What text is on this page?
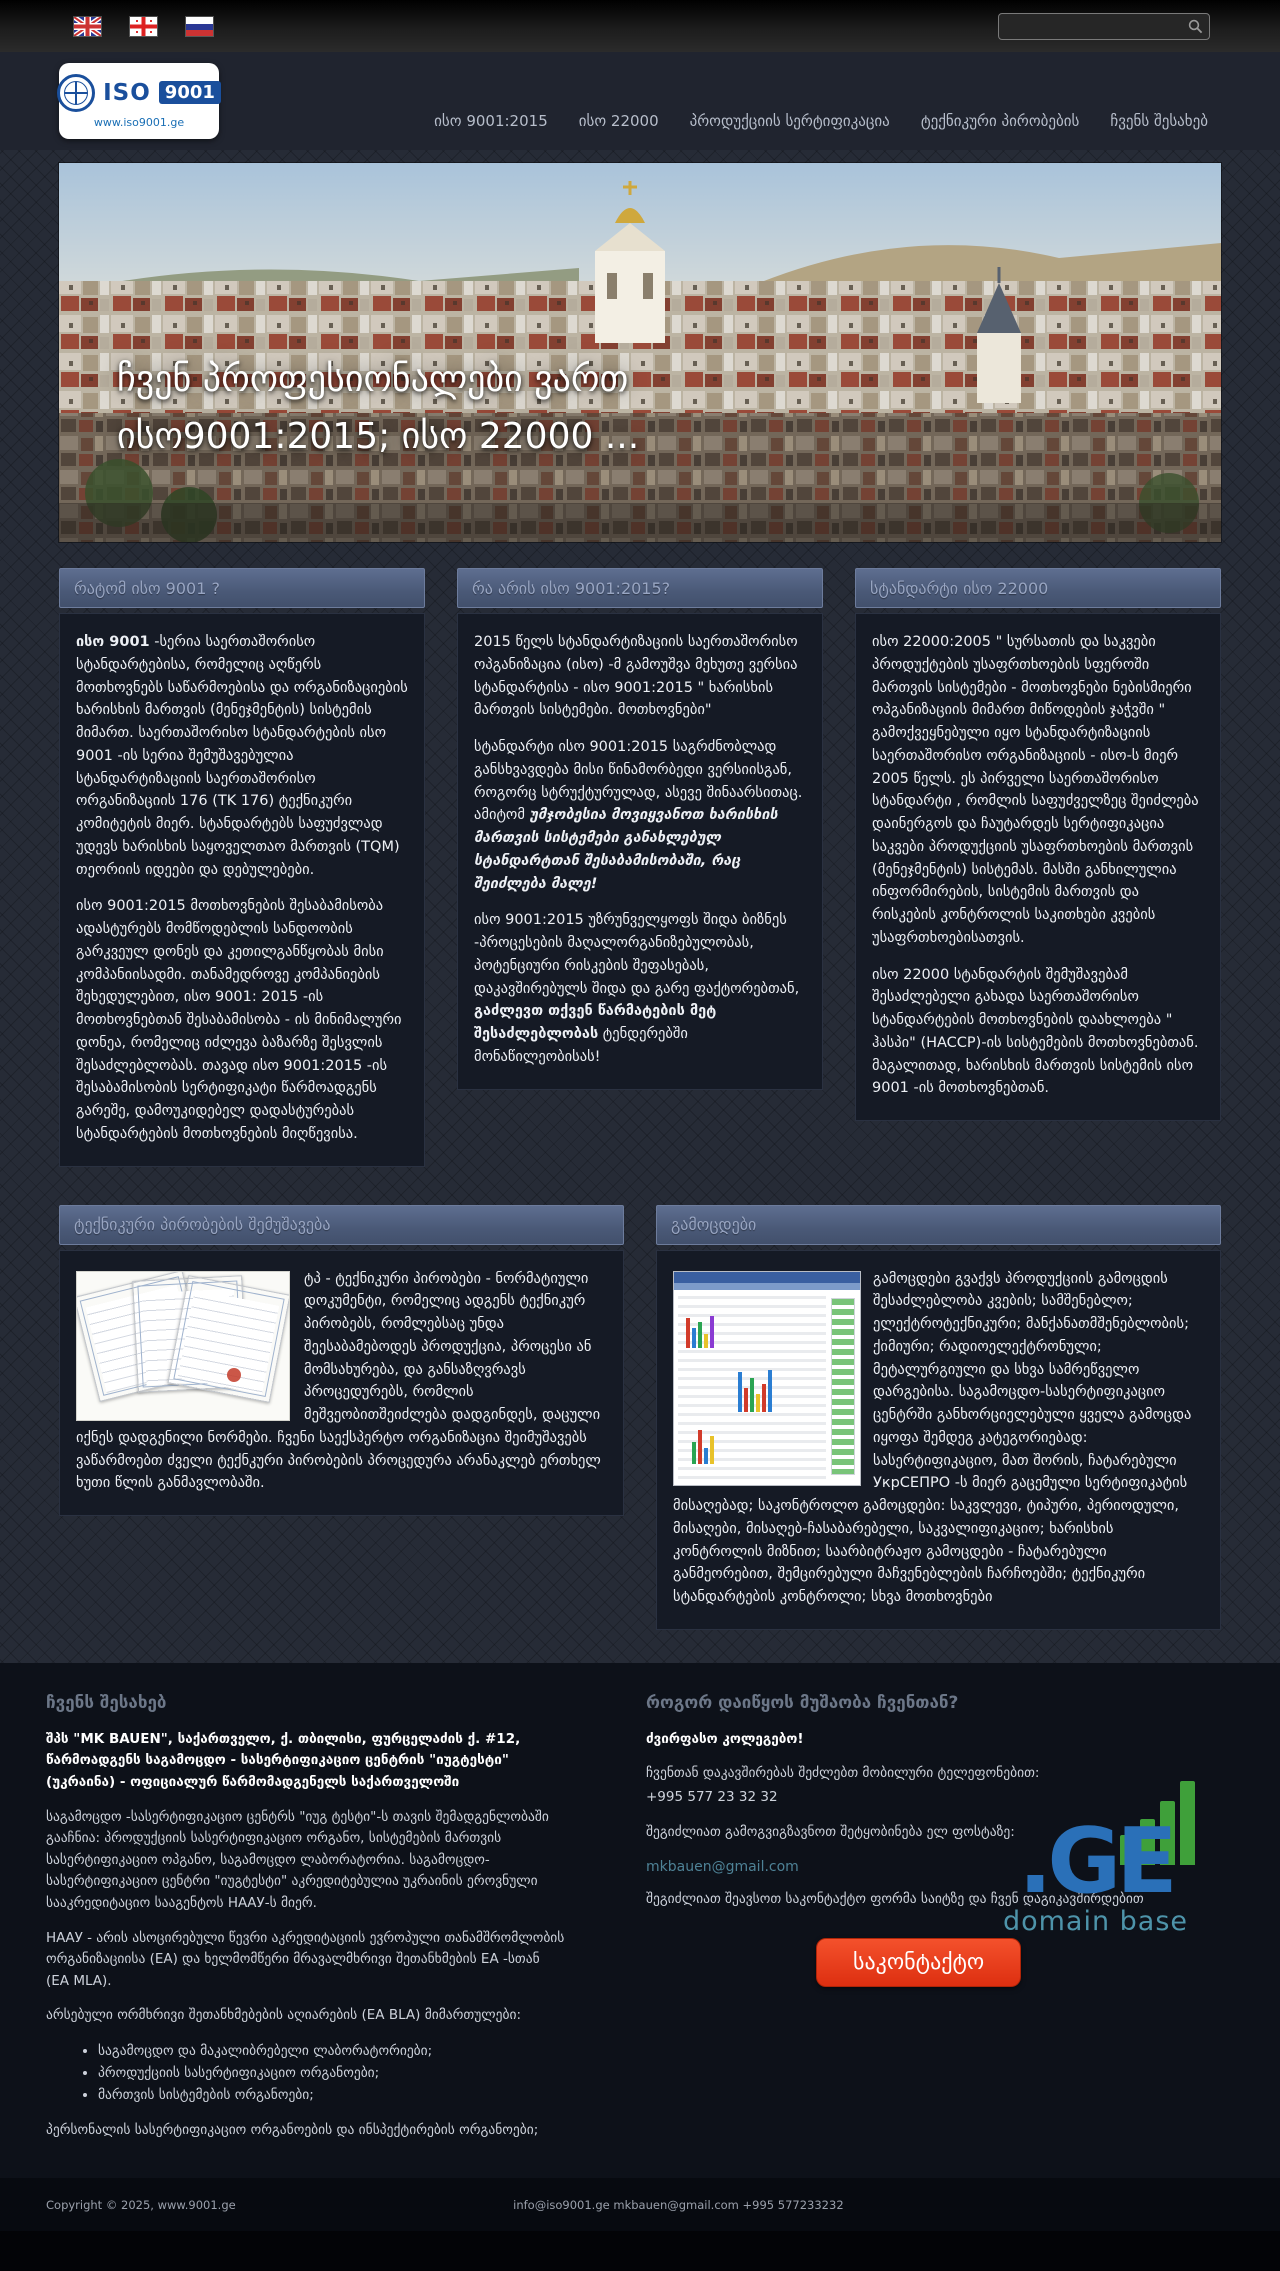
ISO 9001
www.iso9001.ge	ისო 9001:2015 ისო 22000 პროდუქციის სერტიფიკაცია ტექნიკური პირობების ჩვენს შესახებ
ჩვენ პროფესიონალები ვართ
ისო9001:2015; ისო 22000 ...
რატომ ისო 9001 ?

ისო 9001 -სერია საერთაშორისო სტანდარტებისა, რომელიც აღწერს მოთხოვნებს საწარმოებისა და ორგანიზაციების ხარისხის მართვის (მენეჯმენტის) სისტემის მიმართ. საერთაშორისო სტანდარტების ისო 9001 -ის სერია შემუშავებულია სტანდარტიზაციის საერთაშორისო ორგანიზაციის 176 (TK 176) ტექნიკური კომიტეტის მიერ. სტანდარტებს საფუძვლად უდევს ხარისხის საყოველთაო მართვის (TQM) თეორიის იდეები და დებულებები.

ისო 9001:2015 მოთხოვნების შესაბამისობა ადასტურებს მომწოდებლის სანდოობის გარკვეულ დონეს და კეთილგანწყობას მისი კომპანიისადმი. თანამედროვე კომპანიების შეხედულებით, ისო 9001: 2015 -ის მოთხოვნებთან შესაბამისობა - ის მინიმალური დონეა, რომელიც იძლევა ბაზარზე შესვლის შესაძლებლობას. თავად ისო 9001:2015 -ის შესაბამისობის სერტიფიკატი წარმოადგენს გარეშე, დამოუკიდებელ დადასტურებას სტანდარტების მოთხოვნების მიღწევისა.

რა არის ისო 9001:2015?

2015 წელს სტანდარტიზაციის საერთაშორისო ოპგანიზაცია (ისო) -მ გამოუშვა მეხუთე ვერსია სტანდარტისა - ისო 9001:2015 " ხარისხის მართვის სისტემები. მოთხოვნები"

სტანდარტი ისო 9001:2015 საგრძნობლად განსხვავდება მისი წინამორბედი ვერსიისგან, როგორც სტრუქტურულად, ასევე შინაარსითაც. ამიტომ უმჯობესია მოვიყვანოთ ხარისხის მართვის სისტემები განახლებულ სტანდარტთან შესაბამისობაში, რაც შეიძლება მალე!

ისო 9001:2015 უზრუნველყოფს შიდა ბიზნეს -პროცესების მაღალორგანიზებულობას, პოტენციური რისკების შეფასებას, დაკავშირებულს შიდა და გარე ფაქტორებთან, გაძლევთ თქვენ წარმატების მეტ შესაძლებლობას ტენდერებში მონაწილეობისას!

სტანდარტი ისო 22000

ისო 22000:2005 " სურსათის და საკვები პროდუქტების უსაფრთხოების სფეროში მართვის სისტემები - მოთხოვნები ნებისმიერი ოპგანიზაციის მიმართ მიწოდების ჯაჭვში " გამოქვეყნებული იყო სტანდარტიზაციის საერთაშორისო ორგანიზაციის - ისო-ს მიერ 2005 წელს. ეს პირველი საერთაშორისო სტანდარტი , რომლის საფუძველზეც შეიძლება დაინერგოს და ჩაუტარდეს სერტიფიკაცია საკვები პროდუქციის უსაფრთხოების მართვის (მენეჯმენტის) სისტემას. მასში განხილულია ინფორმირების, სისტემის მართვის და რისკების კონტროლის საკითხები კვების უსაფრთხოებისათვის.

ისო 22000 სტანდარტის შემუშავებამ შესაძლებელი გახადა საერთაშორისო სტანდარტების მოთხოვნების დაახლოება " ჰასპი" (HACCP)-ის სისტემების მოთხოვნებთან. მაგალითად, ხარისხის მართვის სისტემის ისო 9001 -ის მოთხოვნებთან.

ტექნიკური პირობების შემუშავება

ტპ - ტექნიკური პირობები - ნორმატიული დოკუმენტი, რომელიც ადგენს ტექნიკურ პირობებს, რომლებსაც უნდა შეესაბამებოდეს პროდუქცია, პროცესი ან მომსახურება, და განსაზღვრავს პროცედურებს, რომლის მეშვეობითშეიძლება დადგინდეს, დაცული იქნეს დადგენილი ნორმები. ჩვენი საექსპერტო ორგანიზაცია შეიმუშავებს ვაწარმოებთ ძველი ტექნკური პირობების პროცედურა არანაკლებ ერთხელ ხუთი წლის განმავლობაში.

გამოცდები

გამოცდები გვაქვს პროდუქციის გამოცდის შესაძლებლობა კვების; სამშენებლო; ელექტროტექნიკური; მანქანათმშენებლობის; ქიმიური; რადიოელექტრონული; მეტალურგიული და სხვა სამრეწველო დარგებისა. საგამოცდო-სასერტიფიკაციო ცენტრში განხორციელებული ყველა გამოცდა იყოფა შემდეგ კატეგორიებად: სასერტიფიკაციო, მათ შორის, ჩატარებული УкрСЕПРО -ს მიერ გაცემული სერტიფიკატის მისაღებად; საკონტროლო გამოცდები: საკვლევი, ტიპური, პერიოდული, მისაღები, მისაღებ-ჩასაბარებელი, საკვალიფიკაციო; ხარისხის კონტროლის მიზნით; საარბიტრაჟო გამოცდები - ჩატარებული განმეორებით, შემცირებული მაჩვენებლების ჩარჩოებში; ტექნიკური სტანდარტების კონტროლი; სხვა მოთხოვნები

ჩვენს შესახებ

შპს "MK BAUEN", საქართველო, ქ. თბილისი, ფურცელაძის ქ. #12, წარმოადგენს საგამოცდო - სასერტიფიკაციო ცენტრის "იუგტესტი" (უკრაინა) - ოფიციალურ წარმომადგენელს საქართველოში

საგამოცდო -სასერტიფიკაციო ცენტრს "იუგ ტესტი"-ს თავის შემადგენლობაში გააჩნია: პროდუქციის სასერტიფიკაციო ორგანო, სისტემების მართვის სასერტიფიკაციო ოპგანო, საგამოცდო ლაბორატორია. საგამოცდო-სასერტიფიკაციო ცენტრი "იუგტესტი" აკრედიტებულია უკრაინის ეროვნული სააკრედიტაციო სააგენტოს НААУ-ს მიერ.

НААУ - არის ასოცირებული წევრი აკრედიტაციის ევროპული თანამშრომლობის ორგანიზაციისა (EA) და ხელმომწერი მრავალმხრივი შეთანხმების EA -სთან (EA MLA).

არსებული ორმხრივი შეთანხმებების აღიარების (EA BLA) მიმართულები:

• საგამოცდო და მაკალიბრებელი ლაბორატორიები;
• პროდუქციის სასერტიფიკაციო ორგანოები;
• მართვის სისტემების ორგანოები;

პერსონალის სასერტიფიკაციო ორგანოების და ინსპექტირების ორგანოები;

როგორ დაიწყოს მუშაობა ჩვენთან?

ძვირფასო კოლეგებო!

ჩვენთან დაკავშირებას შეძლებთ მობილური ტელეფონებით:

+995 577 23 32 32

შეგიძლიათ გამოგვიგზავნოთ შეტყობინება ელ ფოსტაზე:

mkbauen@gmail.com

შეგიძლიათ შეავსოთ საკონტაქტო ფორმა საიტზე და ჩვენ დაგიკავშირდებით

საკონტაქტო
.GE
domain base
Copyright © 2025, www.9001.ge	info@iso9001.ge mkbauen@gmail.com +995 577233232
